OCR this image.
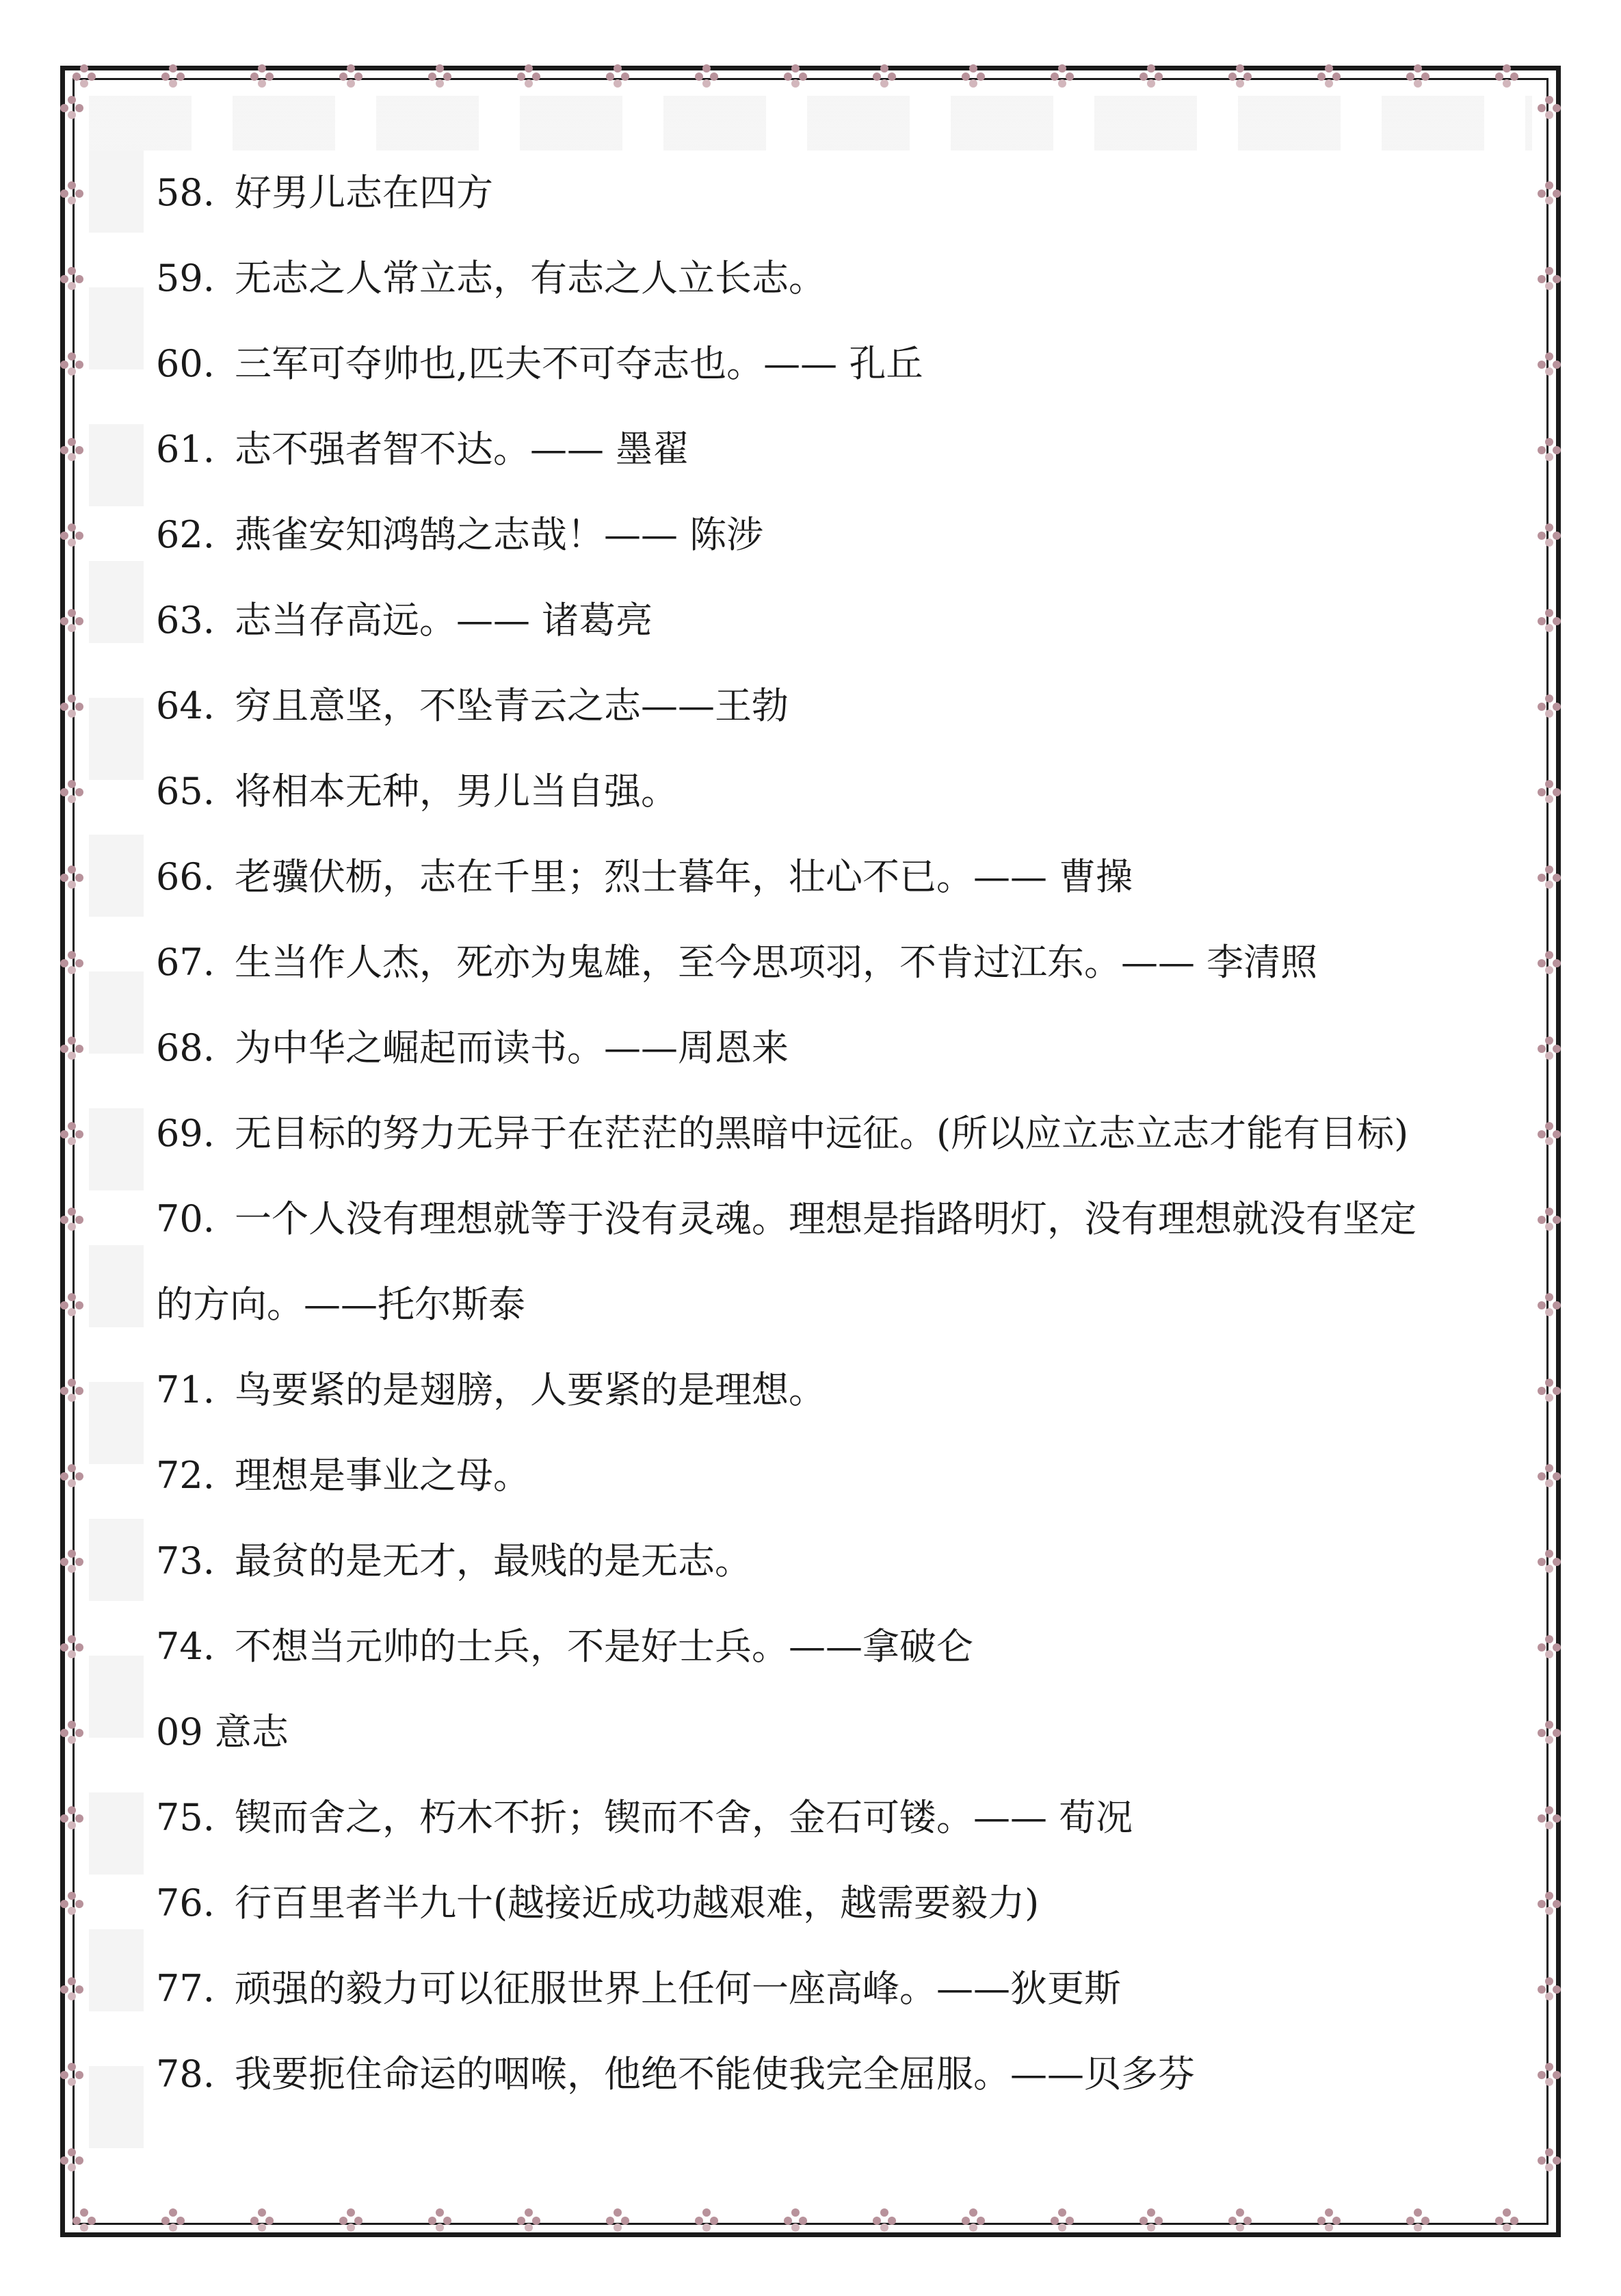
58. 好男儿志在四方
59. 无志之人常立志，有志之人立长志。
60. 三军可夺帅也,匹夫不可夺志也。—— 孔丘
61. 志不强者智不达。—— 墨翟
62. 燕雀安知鸿鹄之志哉！—— 陈涉
63. 志当存高远。—— 诸葛亮
64. 穷且意坚，不坠青云之志——王勃
65. 将相本无种，男儿当自强。
66. 老骥伏枥，志在千里；烈士暮年，壮心不已。—— 曹操
67. 生当作人杰，死亦为鬼雄，至今思项羽，不肯过江东。—— 李清照
68. 为中华之崛起而读书。——周恩来
69. 无目标的努力无异于在茫茫的黑暗中远征。(所以应立志立志才能有目标)
70. 一个人没有理想就等于没有灵魂。理想是指路明灯，没有理想就没有坚定
的方向。——托尔斯泰
71. 鸟要紧的是翅膀，人要紧的是理想。
72. 理想是事业之母。
73. 最贫的是无才，最贱的是无志。
74. 不想当元帅的士兵，不是好士兵。——拿破仑
09 意志
75. 锲而舍之，朽木不折；锲而不舍，金石可镂。—— 荀况
76. 行百里者半九十(越接近成功越艰难，越需要毅力)
77. 顽强的毅力可以征服世界上任何一座高峰。——狄更斯
78. 我要扼住命运的咽喉，他绝不能使我完全屈服。——贝多芬
